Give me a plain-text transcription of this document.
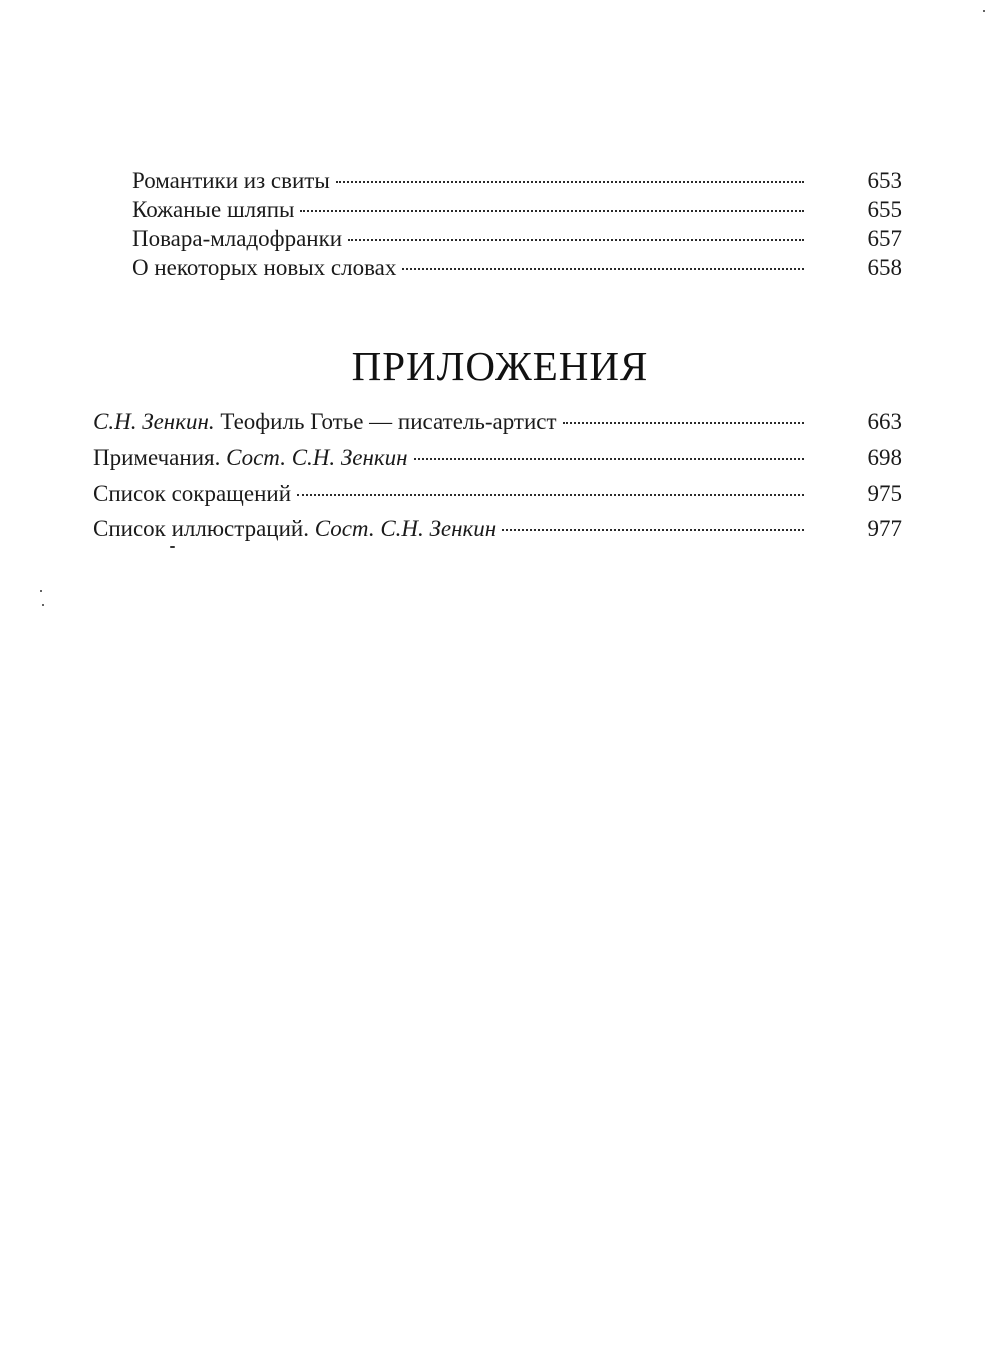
Романтики из свиты	653
Кожаные шляпы	655
Повара-младофранки	657
О некоторых новых словах	658
ПРИЛОЖЕНИЯ
С.Н. Зенкин. Теофиль Готье — писатель-артист	663
Примечания. Сост. С.Н. Зенкин	698
Список сокращений	975
Список иллюстраций. Сост. С.Н. Зенкин	977
